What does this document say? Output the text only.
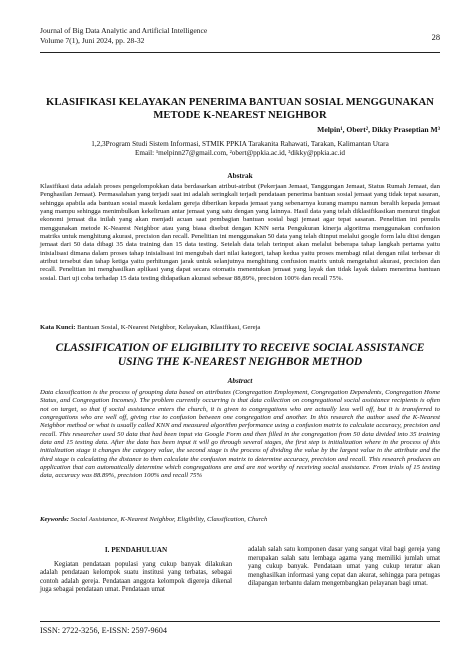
Journal of Big Data Analytic and Artificial Intelligence
Volume 7(1), Juni 2024, pp. 28-32	28
KLASIFIKASI KELAYAKAN PENERIMA BANTUAN SOSIAL MENGGUNAKAN METODE K-NEAREST NEIGHBOR
Melpin¹, Obert², Dikky Praseptian M³
1,2,3Program Studi Sistem Informasi, STMIK PPKIA Tarakanita Rahawati, Tarakan, Kalimantan Utara
Email: ¹melpinn27@gmail.com, ²obert@ppkia.ac.id, ³dikky@ppkia.ac.id
Abstrak
Klasifikasi data adalah proses pengelompokkan data berdasarkan atribut-atribut (Pekerjaan Jemaat, Tanggungan Jemaat, Status Rumah Jemaat, dan Penghasilan Jemaat). Permasalahan yang terjadi saat ini adalah seringkali terjadi pendataan penerima bantuan sosial jemaat yang tidak tepat sasaran, sehingga apabila ada bantuan sosial masuk kedalam gereja diberikan kepada jemaat yang sebenarnya kurang mampu namun beralih kepada jemaat yang mampu sehingga menimbulkan kekeliruan antar jemaat yang satu dengan yang lainnya. Hasil data yang telah diklasifikasikan menurut tingkat ekonomi jemaat dia inilah yang akan menjadi acuan saat pembagian bantuan sosial bagi jemaat agar tepat sasaran. Penelitian ini penulis menggunakan metode K-Nearest Neighbor atau yang biasa disebut dengan KNN serta Pengukuran kinerja algoritma menggunakan confusion matriks untuk menghitung akurasi, precision dan recall. Penelitian ini menggunakan 50 data yang telah diinput melalui google form lalu diisi dengan jemaat dari 50 data dibagi 35 data training dan 15 data testing. Setelah data telah terinput akan melalui beberapa tahap langkah pertama yaitu inisialisasi dimana dalam proses tahap inisialisasi ini mengubah dari nilai kategori, tahap kedua yaitu proses membagi nilai dengan nilai terbesar di atribut tersebut dan tahap ketiga yaitu perhitungan jarak untuk selanjutnya menghitung confusion matrix untuk mengetahui akurasi, precision dan recall. Penelitian ini menghasilkan aplikasi yang dapat secara otomatis menentukan jemaat yang layak dan tidak layak dalam menerima bantuan sosial. Dari uji coba terhadap 15 data testing didapatkan akurasi sebesar 88,89%, precision 100% dan recall 75%.
Kata Kunci: Bantuan Sosial, K-Nearest Neighbor, Kelayakan, Klasifikasi, Gereja
CLASSIFICATION OF ELIGIBILITY TO RECEIVE SOCIAL ASSISTANCE USING THE K-NEAREST NEIGHBOR METHOD
Abstract
Data classification is the process of grouping data based on attributes (Congregation Employment, Congregation Dependents, Congregation Home Status, and Congregation Incomes). The problem currently occurring is that data collection on congregational social assistance recipients is often not on target, so that if social assistance enters the church, it is given to congregations who are actually less well off, but it is transferred to congregations who are well off, giving rise to confusion between one congregation and another. In this research the author used the K-Nearest Neighbor method or what is usually called KNN and measured algorithm performance using a confusion matrix to calculate accuracy, precision and recall. This researcher used 50 data that had been input via Google Form and then filled in the congregation from 50 data divided into 35 training data and 15 testing data. After the data has been input it will go through several stages, the first step is initialization where in the process of this initialization stage it changes the category value, the second stage is the process of dividing the value by the largest value in the attribute and the third stage is calculating the distance to then calculate the confusion matrix to determine accuracy, precision and recall. This research produces an application that can automatically determine which congregations are and are not worthy of receiving social assistance. From trials of 15 testing data, accuracy was 88.89%, precision 100% and recall 75%
Keywords: Social Assistance, K-Nearest Neighbor, Eligibility, Classification, Church
I. PENDAHULUAN
Kegiatan pendataan populasi yang cukup banyak dilakukan adalah pendataan kelompok suatu institusi yang terbatas, sebagai contoh adalah gereja. Pendataan anggota kelompok digereja dikenal juga sebagai pendataan umat. Pendataan umat
adalah salah satu komponen dasar yang sangat vital bagi gereja yang merupakan salah satu lembaga agama yang memiliki jumlah umat yang cukup banyak. Pendataan umat yang cukup teratur akan menghasilkan informasi yang cepat dan akurat, sehingga para petugas dilapangan terbantu dalam mengembangkan pelayanan bagi umat.
ISSN: 2722-3256, E-ISSN: 2597-9604
